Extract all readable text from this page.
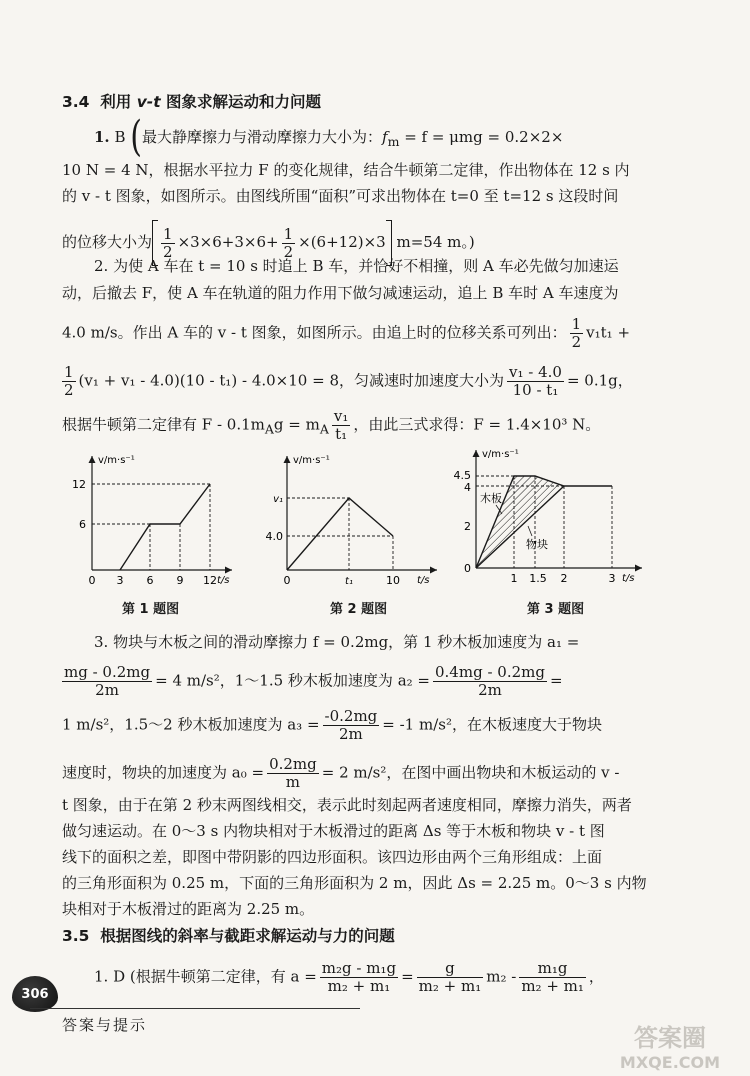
3.4 利用 v-t 图象求解运动和力问题
1. B (最大静摩擦力与滑动摩擦力大小为：$f_m = f = \mu mg = 0.2\times 2\times$
10 N = 4 N，根据水平拉力 F 的变化规律，结合牛顿第二定律，作出物体在 12 s 内
的 v - t 图象，如图所示。由图线所围“面积”可求出物体在 t=0 至 t=12 s 这段时间
的位移大小为 $\frac{1}{2} \times 3\times 6+3\times 6+ \frac{1}{2} \times(6+12)\times 3$ m=54 m。)
2. 为使 A 车在 t = 10 s 时追上 B 车，并恰好不相撞，则 A 车必先做匀加速运
动，后撤去 F，使 A 车在轨道的阻力作用下做匀减速运动，追上 B 车时 A 车速度为
4.0 m/s。作出 A 车的 v - t 图象，如图所示。由追上时的位移关系可列出： $\frac{1}{2} v_1t_1$ +
$\frac{1}{2} (v_1 + v_1 - 4.0)(10 - t_1) - 4.0\times 10 = 8$，匀减速时加速度大小为 $\frac{\text{v₁ - 4.0}}{\text{10 - t₁}} = 0.1g$，
根据牛顿第二定律有 $F - 0.1m_Ag = m_A \frac{\text{v₁}}{\text{t₁}}$ ，由此三式求得：F = 1.4×10³ N。
v/m·s⁻¹
t/s
12
6
0 3 6 9 12
第 1 题图
v/m·s⁻¹
t/s
v₁
4.0
0	t₁	10
第 2 题图
v/m·s⁻¹
t/s
4.5
4
2
0
1 1.5 2	3
木板
物块
第 3 题图
3. 物块与木板之间的滑动摩擦力 f = 0.2mg，第 1 秒木板加速度为 a₁ =
$\frac{mg - 0.2mg}{2m} = 4$ m/s²，1～1.5 秒木板加速度为 $a_2 = \frac{0.4mg - 0.2mg}{2m}$ =
1 m/s²，1.5～2 秒木板加速度为 $a_3 = \frac{-0.2mg}{2m} = -1$ m/s²，在木板速度大于物块
速度时，物块的加速度为 $a_0 = \frac{0.2mg}{m} = 2$ m/s²，在图中画出物块和木板运动的 v -
t 图象，由于在第 2 秒末两图线相交，表示此时刻起两者速度相同，摩擦力消失，两者
做匀速运动。在 0～3 s 内物块相对于木板滑过的距离 Δs 等于木板和物块 v - t 图
线下的面积之差，即图中带阴影的四边形面积。该四边形由两个三角形组成：上面
的三角形面积为 0.25 m，下面的三角形面积为 2 m，因此 Δs = 2.25 m。0～3 s 内物
块相对于木板滑过的距离为 2.25 m。
3.5 根据图线的斜率与截距求解运动与力的问题
1. D (根据牛顿第二定律，有 $a = \frac{\text{m₂g - m₁g}}{\text{m₂ + m₁}} = \frac{g}{\text{m₂ + m₁}} m_2 - \frac{\text{m₁g}}{\text{m₂ + m₁}}$ ，
306
答案与提示	答案圈
MXQE.COM
